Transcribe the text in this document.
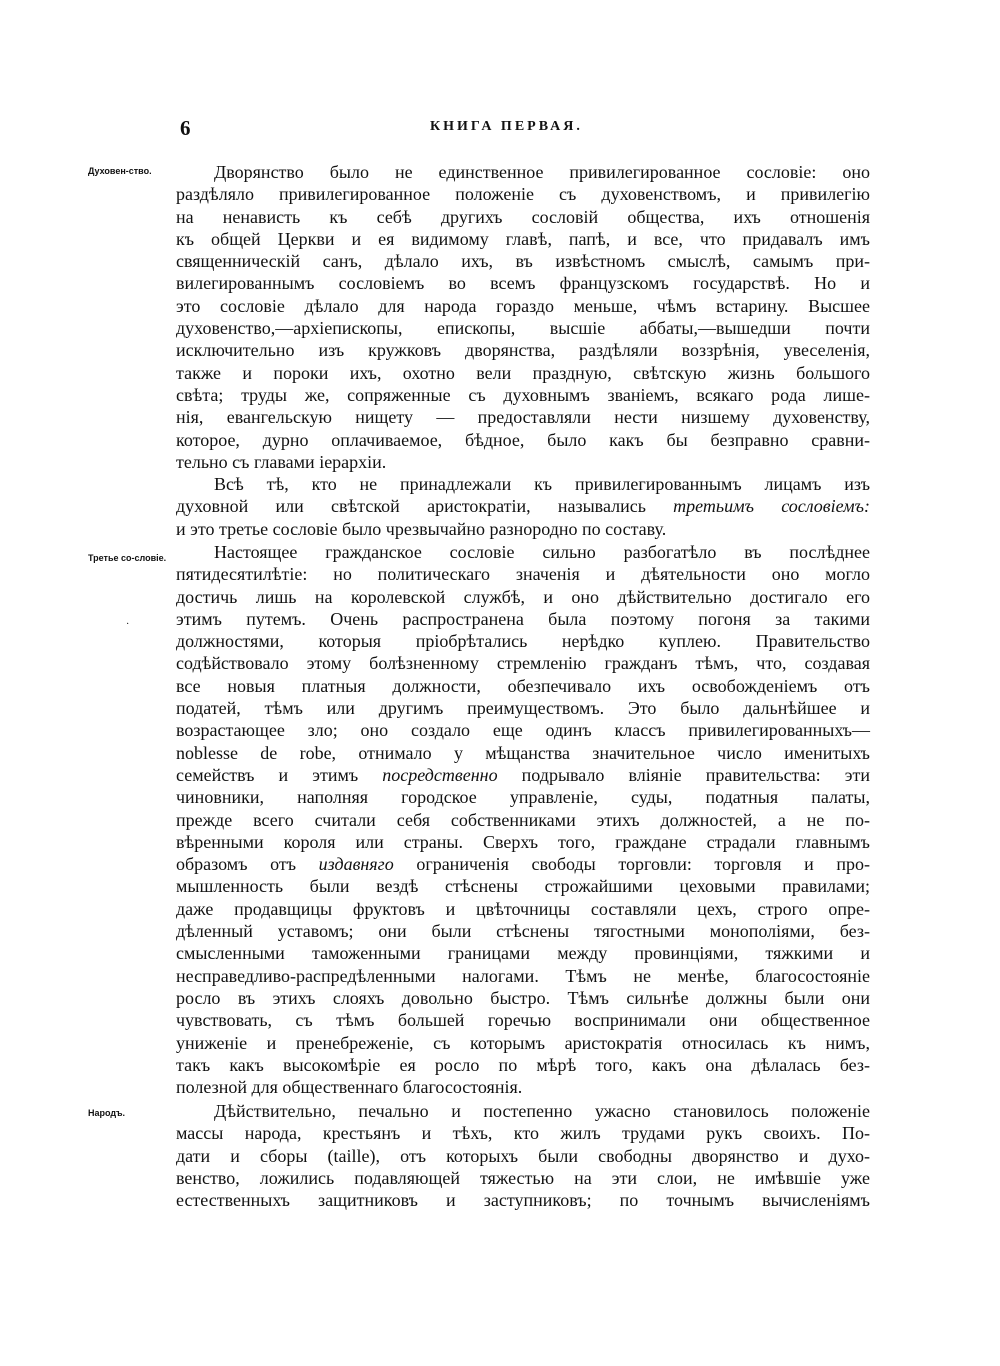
6	КНИГА ПЕРВАЯ.
Духовен-ство.
Третье со-словіе.
·
Народъ.
Дворянство было не единственное привилегированное сословіе: оно
раздѣляло привилегированное положеніе съ духовенствомъ, и привилегію
на ненависть къ себѣ другихъ сословій общества, ихъ отношенія
къ общей Церкви и ея видимому главѣ, папѣ, и все, что придавалъ имъ
священническій санъ, дѣлало ихъ, въ извѣстномъ смыслѣ, самымъ при-
вилегированнымъ сословіемъ во всемъ французскомъ государствѣ. Но и
это сословіе дѣлало для народа гораздо меньше, чѣмъ встарину. Высшее
духовенство,—архіепископы, епископы, высшіе аббаты,—вышедши почти
исключительно изъ кружковъ дворянства, раздѣляли воззрѣнія, увеселенія,
также и пороки ихъ, охотно вели праздную, свѣтскую жизнь большого
свѣта; труды же, сопряженные съ духовнымъ званіемъ, всякаго рода лише-
нія, евангельскую нищету — предоставляли нести низшему духовенству,
которое, дурно оплачиваемое, бѣдное, было какъ бы безправно сравни-
тельно съ главами іерархіи.
Всѣ тѣ, кто не принадлежали къ привилегированнымъ лицамъ изъ
духовной или свѣтской аристократіи, назывались третьимъ сословіемъ:
и это третье сословіе было чрезвычайно разнородно по составу.
Настоящее гражданское сословіе сильно разбогатѣло въ послѣднее
пятидесятилѣтіе: но политическаго значенія и дѣятельности оно могло
достичь лишь на королевской службѣ, и оно дѣйствительно достигало его
этимъ путемъ. Очень распространена была поэтому погоня за такими
должностями, которыя пріобрѣтались нерѣдко куплею. Правительство
содѣйствовало этому болѣзненному стремленію гражданъ тѣмъ, что, создавая
все новыя платныя должности, обезпечивало ихъ освобожденіемъ отъ
податей, тѣмъ или другимъ преимуществомъ. Это было дальнѣйшее и
возрастающее зло; оно создало еще одинъ классъ привилегированныхъ—
noblesse de robe, отнимало у мѣщанства значительное число именитыхъ
семействъ и этимъ посредственно подрывало вліяніе правительства: эти
чиновники, наполняя городское управленіе, суды, податныя палаты,
прежде всего считали себя собственниками этихъ должностей, а не по-
вѣренными короля или страны. Сверхъ того, граждане страдали главнымъ
образомъ отъ издавняго ограниченія свободы торговли: торговля и про-
мышленность были вездѣ стѣснены строжайшими цеховыми правилами;
даже продавщицы фруктовъ и цвѣточницы составляли цехъ, строго опре-
дѣленный уставомъ; они были стѣснены тягостными монополіями, без-
смысленными таможенными границами между провинціями, тяжкими и
несправедливо-распредѣленными налогами. Тѣмъ не менѣе, благосостояніе
росло въ этихъ слояхъ довольно быстро. Тѣмъ сильнѣе должны были они
чувствовать, съ тѣмъ большей горечью воспринимали они общественное
униженіе и пренебреженіе, съ которымъ аристократія относилась къ нимъ,
такъ какъ высокомѣріе ея росло по мѣрѣ того, какъ она дѣлалась без-
полезной для общественнаго благосостоянія.
Дѣйствительно, печально и постепенно ужасно становилось положеніе
массы народа, крестьянъ и тѣхъ, кто жилъ трудами рукъ своихъ. По-
дати и сборы (taille), отъ которыхъ были свободны дворянство и духо-
венство, ложились подавляющей тяжестью на эти слои, не имѣвшіе уже
естественныхъ защитниковъ и заступниковъ; по точнымъ вычисленіямъ
